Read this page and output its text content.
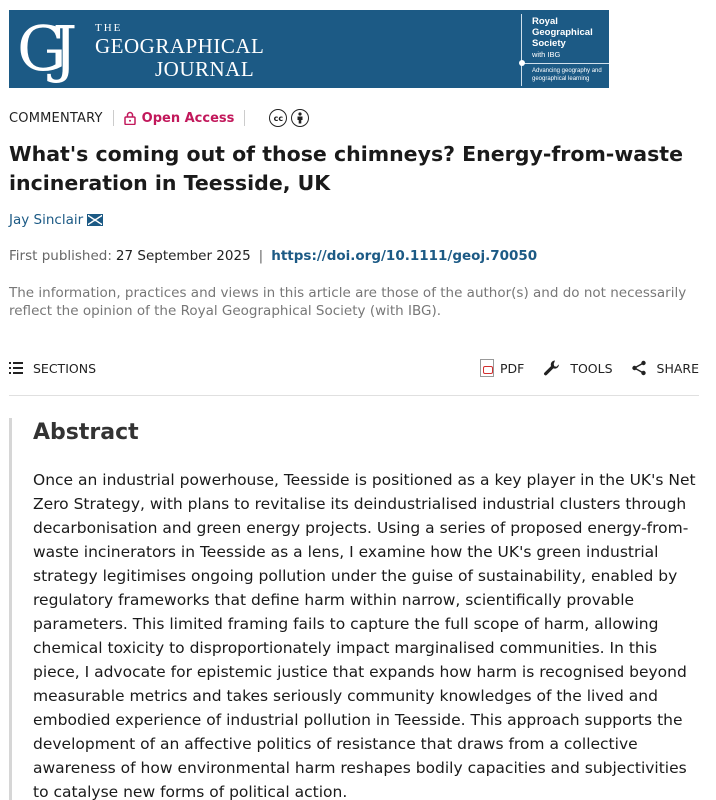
GJ	THE
GEOGRAPHICAL
JOURNAL
Royal Geographical Society
with IBG
Advancing geography and geographical learning
COMMENTARY	Open Access	cc
What's coming out of those chimneys? Energy-from-waste incineration in Teesside, UK
Jay Sinclair
First published: 27 September 2025 | https://doi.org/10.1111/geoj.70050

The information, practices and views in this article are those of the author(s) and do not necessarily reflect the opinion of the Royal Geographical Society (with IBG).

SECTIONS	PDF	TOOLS	SHARE
Abstract

Once an industrial powerhouse, Teesside is positioned as a key player in the UK's Net Zero Strategy, with plans to revitalise its deindustrialised industrial clusters through decarbonisation and green energy projects. Using a series of proposed energy-from-waste incinerators in Teesside as a lens, I examine how the UK's green industrial strategy legitimises ongoing pollution under the guise of sustainability, enabled by regulatory frameworks that define harm within narrow, scientifically provable parameters. This limited framing fails to capture the full scope of harm, allowing chemical toxicity to disproportionately impact marginalised communities. In this piece, I advocate for epistemic justice that expands how harm is recognised beyond measurable metrics and takes seriously community knowledges of the lived and embodied experience of industrial pollution in Teesside. This approach supports the development of an affective politics of resistance that draws from a collective awareness of how environmental harm reshapes bodily capacities and subjectivities to catalyse new forms of political action.
